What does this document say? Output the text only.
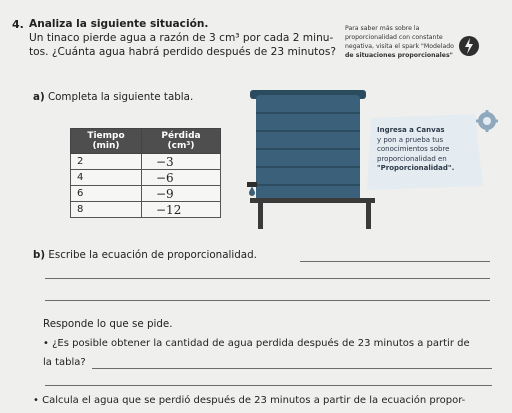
4. Analiza la siguiente situación.
Un tinaco pierde agua a razón de 3 cm³ por cada 2 minu-
tos. ¿Cuánta agua habrá perdido después de 23 minutos?
Para saber más sobre la
proporcionalidad con constante
negativa, visita el spark "Modelado
de situaciones proporcionales"
a) Completa la siguiente tabla.
Tiempo (min)	Pérdida (cm³)
2	−3
4	−6
6	−9
8	−12
Ingresa a Canvas
y pon a prueba tus
conocimientos sobre
proporcionalidad en
"Proporcionalidad".
b) Escribe la ecuación de proporcionalidad.
Responde lo que se pide.
• ¿Es posible obtener la cantidad de agua perdida después de 23 minutos a partir de
la tabla?
• Calcula el agua que se perdió después de 23 minutos a partir de la ecuación propor-
